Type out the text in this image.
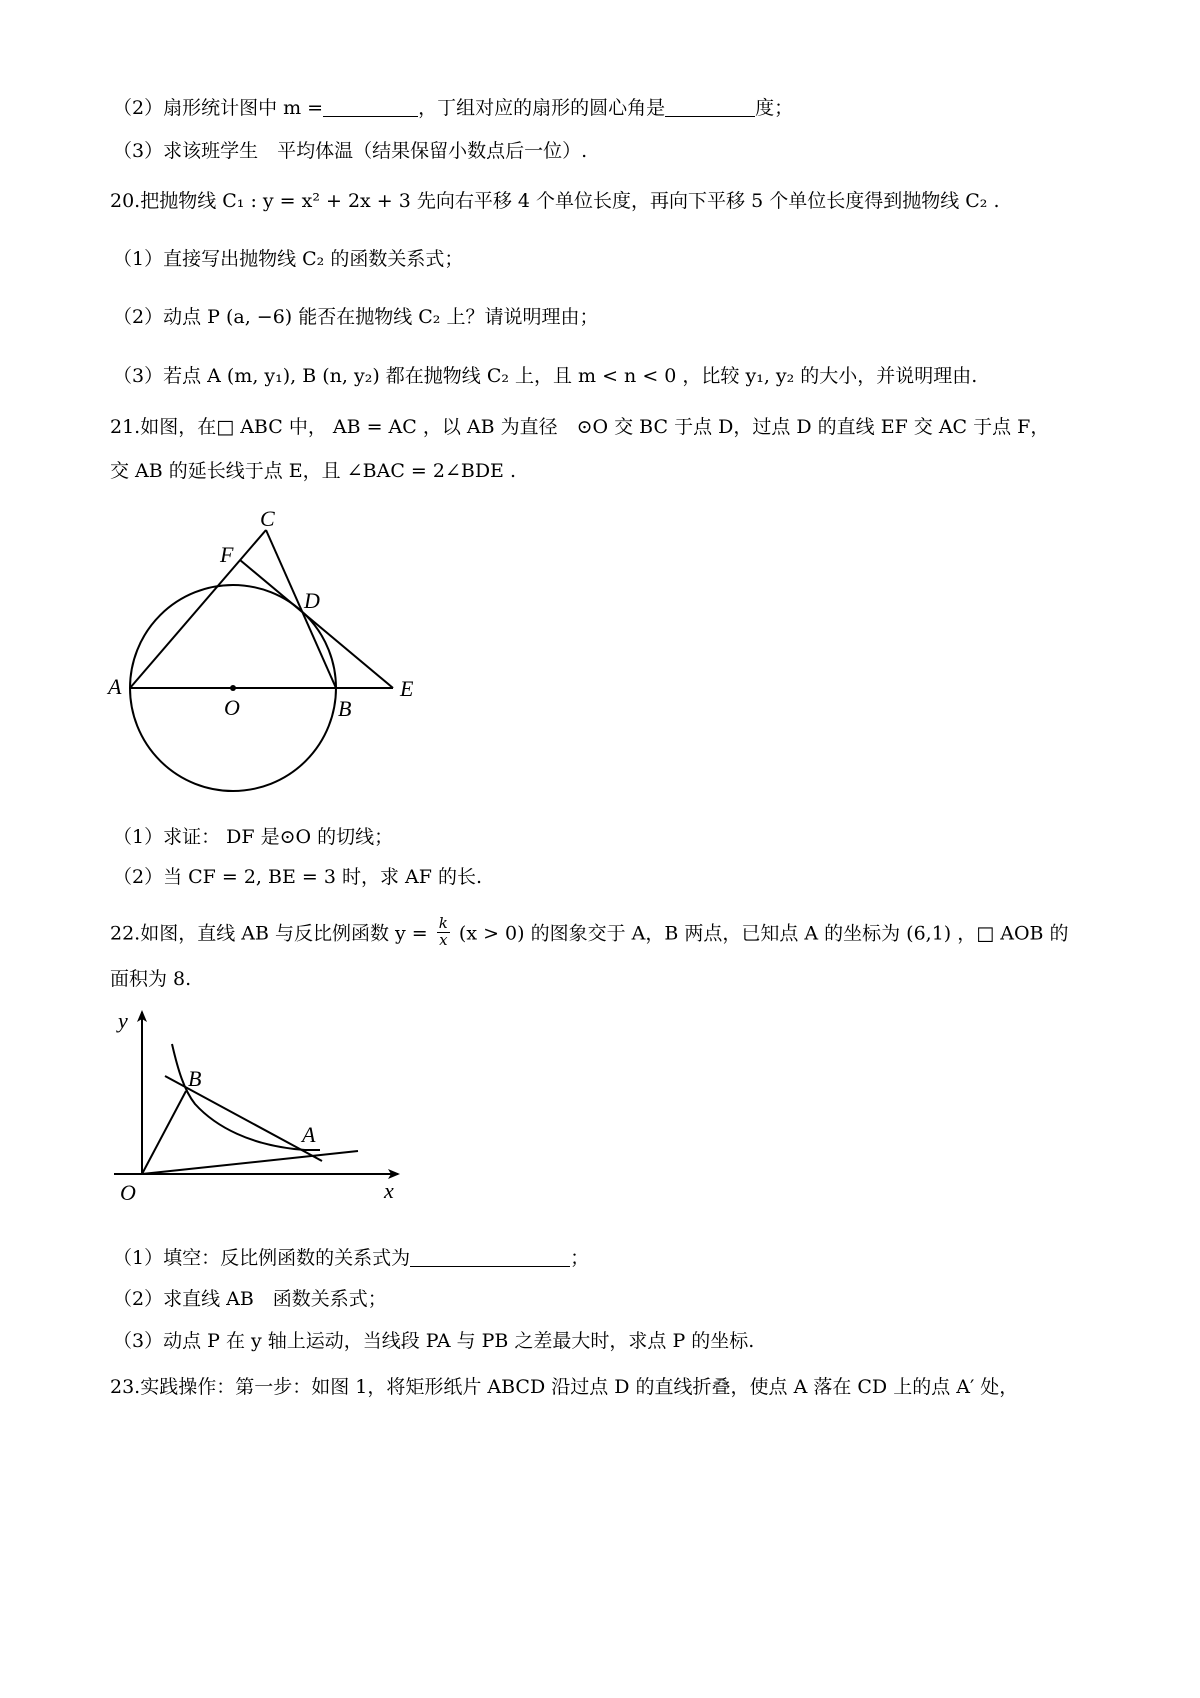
（2）扇形统计图中 m =	，丁组对应的扇形的圆心角是	度；
（3）求该班学生　平均体温（结果保留小数点后一位）.
20.把抛物线 C₁ : y = x² + 2x + 3 先向右平移 4 个单位长度，再向下平移 5 个单位长度得到抛物线 C₂ .
（1）直接写出抛物线 C₂ 的函数关系式；
（2）动点 P (a, −6) 能否在抛物线 C₂ 上？请说明理由；
（3）若点 A (m, y₁), B (n, y₂) 都在抛物线 C₂ 上，且 m < n < 0 ，比较 y₁, y₂ 的大小，并说明理由.
21.如图，在□ ABC 中， AB = AC ，以 AB 为直径　⊙O 交 BC 于点 D，过点 D 的直线 EF 交 AC 于点 F，
交 AB 的延长线于点 E，且 ∠BAC = 2∠BDE .
C
F
D
A	E
O	B
（1）求证： DF 是⊙O 的切线；
（2）当 CF = 2, BE = 3 时，求 AF 的长.
22.如图，直线 AB 与反比例函数 $y = \frac{k}{x} (x > 0)$ 的图象交于 A，B 两点，已知点 A 的坐标为 (6,1) ，□ AOB 的
面积为 8.
y
B
A
O	x
（1）填空：反比例函数的关系式为	；
（2）求直线 AB　函数关系式；
（3）动点 P 在 y 轴上运动，当线段 PA 与 PB 之差最大时，求点 P 的坐标.
23.实践操作：第一步：如图 1，将矩形纸片 ABCD 沿过点 D 的直线折叠，使点 A 落在 CD 上的点 A′ 处，
